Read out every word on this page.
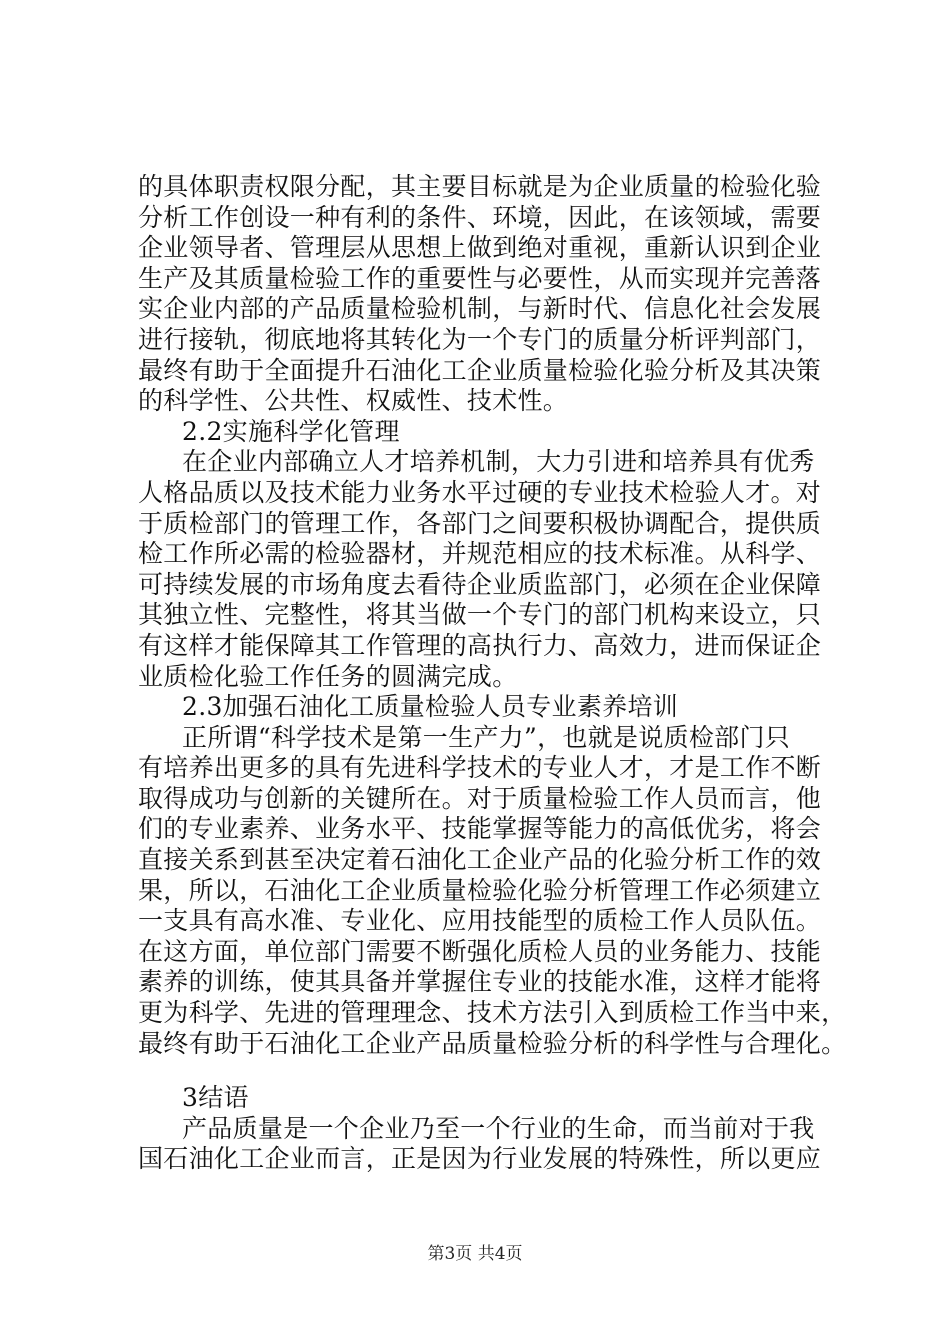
的具体职责权限分配，其主要目标就是为企业质量的检验化验
分析工作创设一种有利的条件、环境，因此，在该领域，需要
企业领导者、管理层从思想上做到绝对重视，重新认识到企业
生产及其质量检验工作的重要性与必要性，从而实现并完善落
实企业内部的产品质量检验机制，与新时代、信息化社会发展
进行接轨，彻底地将其转化为一个专门的质量分析评判部门，
最终有助于全面提升石油化工企业质量检验化验分析及其决策
的科学性、公共性、权威性、技术性。
2.2实施科学化管理
在企业内部确立人才培养机制，大力引进和培养具有优秀
人格品质以及技术能力业务水平过硬的专业技术检验人才。对
于质检部门的管理工作，各部门之间要积极协调配合，提供质
检工作所必需的检验器材，并规范相应的技术标准。从科学、
可持续发展的市场角度去看待企业质监部门，必须在企业保障
其独立性、完整性，将其当做一个专门的部门机构来设立，只
有这样才能保障其工作管理的高执行力、高效力，进而保证企
业质检化验工作任务的圆满完成。
2.3加强石油化工质量检验人员专业素养培训
正所谓“科学技术是第一生产力”，也就是说质检部门只
有培养出更多的具有先进科学技术的专业人才，才是工作不断
取得成功与创新的关键所在。对于质量检验工作人员而言，他
们的专业素养、业务水平、技能掌握等能力的高低优劣，将会
直接关系到甚至决定着石油化工企业产品的化验分析工作的效
果，所以，石油化工企业质量检验化验分析管理工作必须建立
一支具有高水准、专业化、应用技能型的质检工作人员队伍。
在这方面，单位部门需要不断强化质检人员的业务能力、技能
素养的训练，使其具备并掌握住专业的技能水准，这样才能将
更为科学、先进的管理理念、技术方法引入到质检工作当中来，
最终有助于石油化工企业产品质量检验分析的科学性与合理化。
3结语
产品质量是一个企业乃至一个行业的生命，而当前对于我
国石油化工企业而言，正是因为行业发展的特殊性，所以更应
第3页 共4页
